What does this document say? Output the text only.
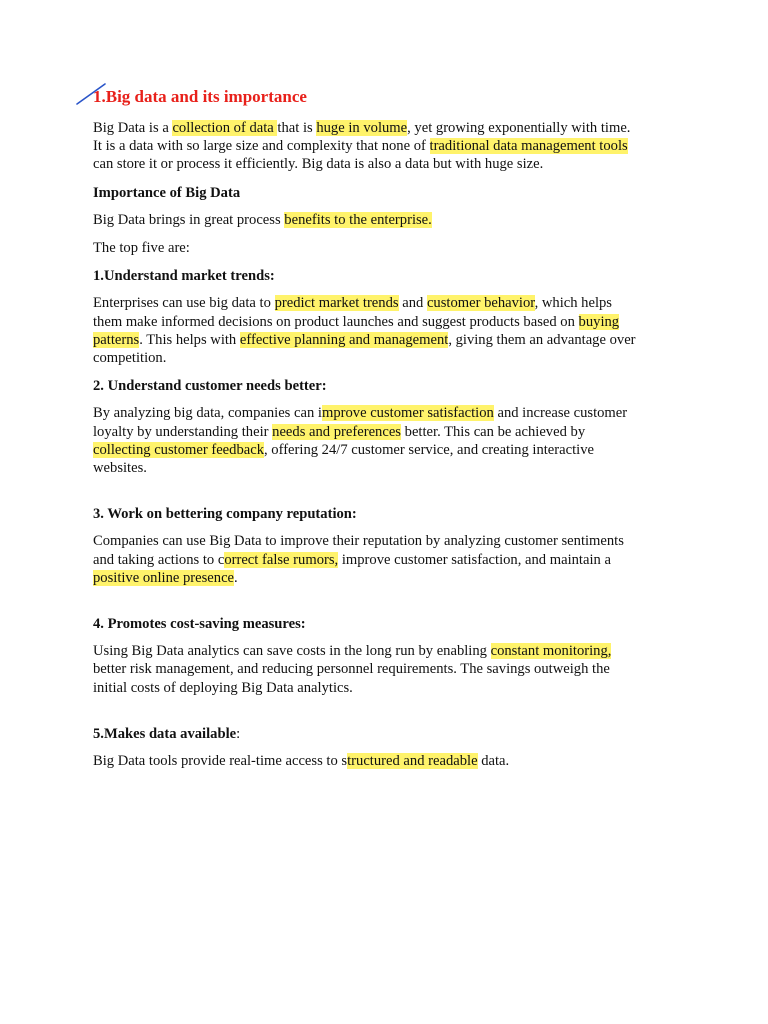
1.Big data and its importance

Big Data is a collection of data that is huge in volume, yet growing exponentially with time.
It is a data with so large size and complexity that none of traditional data management tools
can store it or process it efficiently. Big data is also a data but with huge size.

Importance of Big Data

Big Data brings in great process benefits to the enterprise.

The top five are:

1.Understand market trends:

Enterprises can use big data to predict market trends and customer behavior, which helps
them make informed decisions on product launches and suggest products based on buying
patterns. This helps with effective planning and management, giving them an advantage over
competition.

2. Understand customer needs better:

By analyzing big data, companies can improve customer satisfaction and increase customer
loyalty by understanding their needs and preferences better. This can be achieved by
collecting customer feedback, offering 24/7 customer service, and creating interactive
websites.

3. Work on bettering company reputation:

Companies can use Big Data to improve their reputation by analyzing customer sentiments
and taking actions to correct false rumors, improve customer satisfaction, and maintain a
positive online presence.

4. Promotes cost-saving measures:

Using Big Data analytics can save costs in the long run by enabling constant monitoring,
better risk management, and reducing personnel requirements. The savings outweigh the
initial costs of deploying Big Data analytics.

5.Makes data available:

Big Data tools provide real-time access to structured and readable data.
